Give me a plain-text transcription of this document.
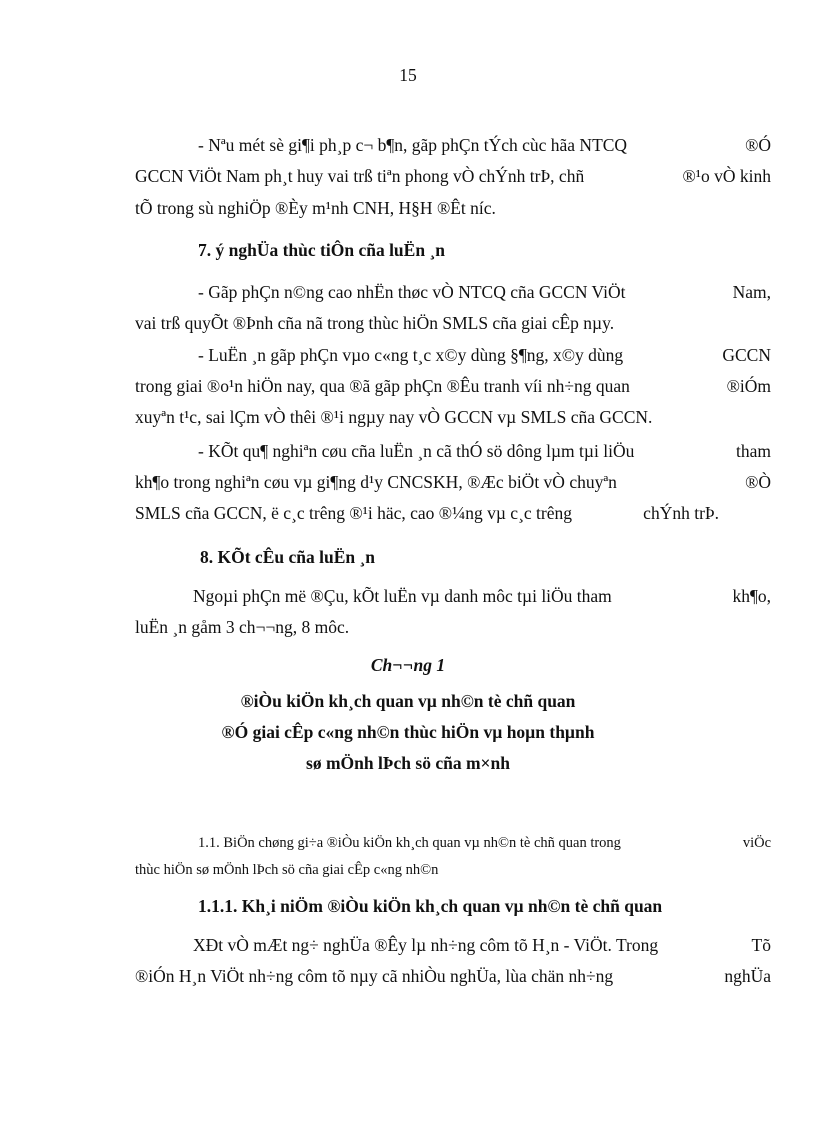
15
- Nªu mét sè gi¶i ph¸p c¬ b¶n, gãp phÇn tÝch cùc hãa NTCQ	®Ó
GCCN ViÖt Nam ph¸t huy vai trß tiªn phong vÒ chÝnh trÞ, chñ	®¹o vÒ kinh
tÕ trong sù nghiÖp ®Èy m¹nh CNH, H§H ®Êt níc.
7. ý nghÜa thùc tiÔn cña luËn ¸n
- Gãp phÇn n©ng cao nhËn thøc vÒ NTCQ cña GCCN ViÖt	Nam,
vai trß quyÕt ®Þnh cña nã trong thùc hiÖn SMLS cña giai cÊp nµy.
- LuËn ¸n gãp phÇn vµo c«ng t¸c x©y dùng §¶ng, x©y dùng	GCCN
trong giai ®o¹n hiÖn nay, qua ®ã gãp phÇn ®Êu tranh víi nh÷ng quan	®iÓm
xuyªn t¹c, sai lÇm vÒ thêi ®¹i ngµy nay vÒ GCCN vµ SMLS cña GCCN.
- KÕt qu¶ nghiªn cøu cña luËn ¸n cã thÓ sö dông lµm tµi liÖu	tham
kh¶o trong nghiªn cøu vµ gi¶ng d¹y CNCSKH, ®Æc biÖt vÒ chuyªn	®Ò
SMLS cña GCCN, ë c¸c trêng ®¹i häc, cao ®¼ng vµ c¸c trêng	chÝnh trÞ.
8. KÕt cÊu cña luËn ¸n
Ngoµi phÇn më ®Çu, kÕt luËn vµ danh môc tµi liÖu tham	kh¶o,
luËn ¸n gåm 3 ch¬¬ng, 8 môc.
Ch¬¬ng 1
®iÒu kiÖn kh¸ch quan vµ nh©n tè chñ quan
®Ó giai cÊp c«ng nh©n thùc hiÖn vµ hoµn thµnh
sø mÖnh lÞch sö cña m×nh
1.1. BiÖn chøng gi÷a ®iÒu kiÖn kh¸ch quan vµ nh©n tè chñ quan trong	viÖc
thùc hiÖn sø mÖnh lÞch sö cña giai cÊp c«ng nh©n
1.1.1. Kh¸i niÖm ®iÒu kiÖn kh¸ch quan vµ nh©n tè chñ quan
XÐt vÒ mÆt ng÷ nghÜa ®Êy lµ nh÷ng côm tõ H¸n - ViÖt. Trong	Tõ
®iÓn H¸n ViÖt nh÷ng côm tõ nµy cã nhiÒu nghÜa, lùa chän nh÷ng	nghÜa
